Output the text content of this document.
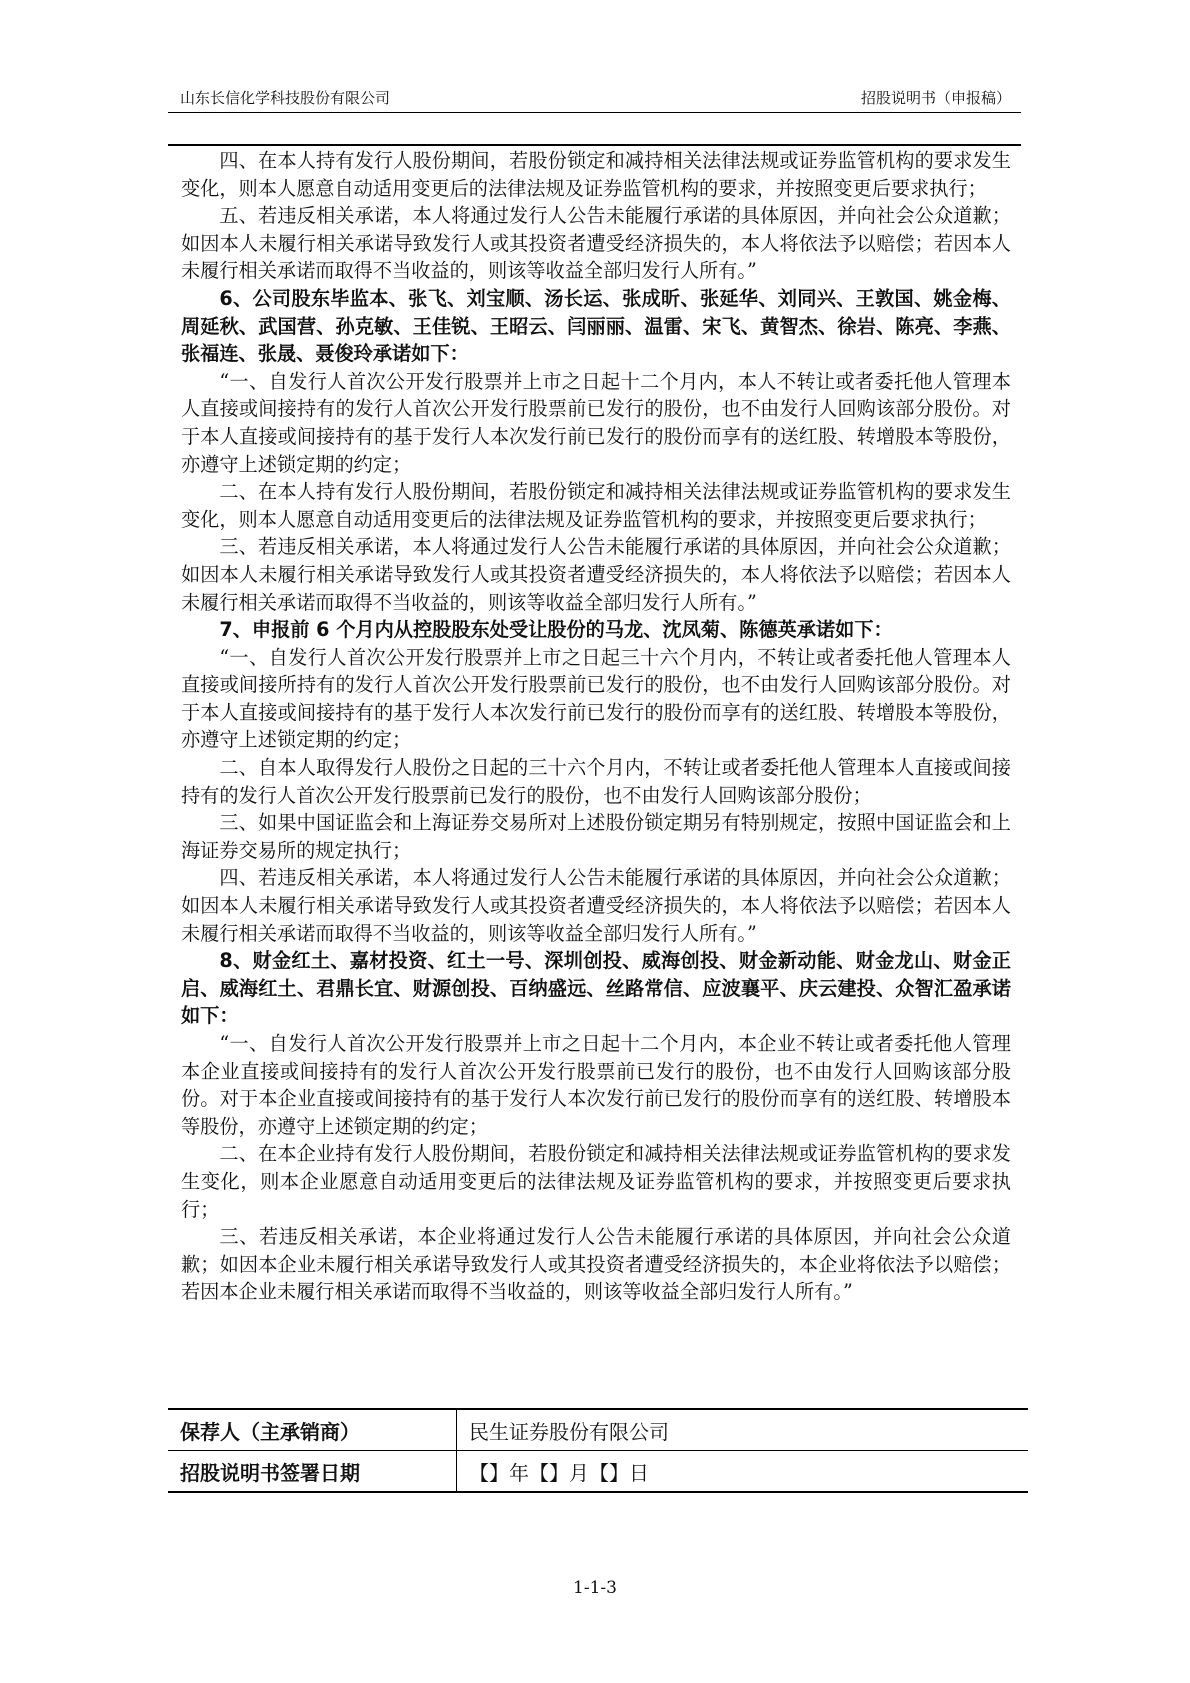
山东长信化学科技股份有限公司	招股说明书（申报稿）

四、在本人持有发行人股份期间，若股份锁定和减持相关法律法规或证券监管机构的要求发生变化，则本人愿意自动适用变更后的法律法规及证券监管机构的要求，并按照变更后要求执行；

五、若违反相关承诺，本人将通过发行人公告未能履行承诺的具体原因，并向社会公众道歉；如因本人未履行相关承诺导致发行人或其投资者遭受经济损失的，本人将依法予以赔偿；若因本人未履行相关承诺而取得不当收益的，则该等收益全部归发行人所有。”

6、公司股东毕监本、张飞、刘宝顺、汤长运、张成昕、张延华、刘同兴、王敦国、姚金梅、周延秋、武国营、孙克敏、王佳锐、王昭云、闫丽丽、温雷、宋飞、黄智杰、徐岩、陈亮、李燕、张福连、张晟、聂俊玲承诺如下：

“一、自发行人首次公开发行股票并上市之日起十二个月内，本人不转让或者委托他人管理本人直接或间接持有的发行人首次公开发行股票前已发行的股份，也不由发行人回购该部分股份。对于本人直接或间接持有的基于发行人本次发行前已发行的股份而享有的送红股、转增股本等股份，亦遵守上述锁定期的约定；

二、在本人持有发行人股份期间，若股份锁定和减持相关法律法规或证券监管机构的要求发生变化，则本人愿意自动适用变更后的法律法规及证券监管机构的要求，并按照变更后要求执行；

三、若违反相关承诺，本人将通过发行人公告未能履行承诺的具体原因，并向社会公众道歉；如因本人未履行相关承诺导致发行人或其投资者遭受经济损失的，本人将依法予以赔偿；若因本人未履行相关承诺而取得不当收益的，则该等收益全部归发行人所有。”

7、申报前 6 个月内从控股股东处受让股份的马龙、沈凤菊、陈德英承诺如下：

“一、自发行人首次公开发行股票并上市之日起三十六个月内，不转让或者委托他人管理本人直接或间接所持有的发行人首次公开发行股票前已发行的股份，也不由发行人回购该部分股份。对于本人直接或间接持有的基于发行人本次发行前已发行的股份而享有的送红股、转增股本等股份，亦遵守上述锁定期的约定；

二、自本人取得发行人股份之日起的三十六个月内，不转让或者委托他人管理本人直接或间接持有的发行人首次公开发行股票前已发行的股份，也不由发行人回购该部分股份；

三、如果中国证监会和上海证券交易所对上述股份锁定期另有特别规定，按照中国证监会和上海证券交易所的规定执行；

四、若违反相关承诺，本人将通过发行人公告未能履行承诺的具体原因，并向社会公众道歉；如因本人未履行相关承诺导致发行人或其投资者遭受经济损失的，本人将依法予以赔偿；若因本人未履行相关承诺而取得不当收益的，则该等收益全部归发行人所有。”

8、财金红土、嘉材投资、红土一号、深圳创投、威海创投、财金新动能、财金龙山、财金正启、威海红土、君鼎长宜、财源创投、百纳盛远、丝路常信、应波襄平、庆云建投、众智汇盈承诺如下：

“一、自发行人首次公开发行股票并上市之日起十二个月内，本企业不转让或者委托他人管理本企业直接或间接持有的发行人首次公开发行股票前已发行的股份，也不由发行人回购该部分股份。对于本企业直接或间接持有的基于发行人本次发行前已发行的股份而享有的送红股、转增股本等股份，亦遵守上述锁定期的约定；

二、在本企业持有发行人股份期间，若股份锁定和减持相关法律法规或证券监管机构的要求发生变化，则本企业愿意自动适用变更后的法律法规及证券监管机构的要求，并按照变更后要求执行；

三、若违反相关承诺，本企业将通过发行人公告未能履行承诺的具体原因，并向社会公众道歉；如因本企业未履行相关承诺导致发行人或其投资者遭受经济损失的，本企业将依法予以赔偿；若因本企业未履行相关承诺而取得不当收益的，则该等收益全部归发行人所有。”

保荐人（主承销商）	民生证券股份有限公司
招股说明书签署日期	【】年【】月【】日
1-1-3
